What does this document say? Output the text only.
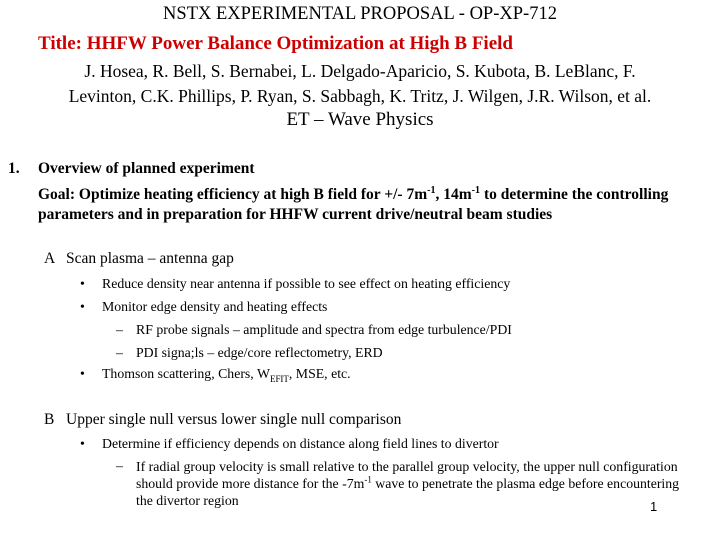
NSTX EXPERIMENTAL PROPOSAL - OP-XP-712
Title: HHFW Power Balance Optimization at High B Field
J. Hosea, R. Bell, S. Bernabei, L. Delgado-Aparicio, S. Kubota, B. LeBlanc, F.
Levinton, C.K. Phillips, P. Ryan, S. Sabbagh, K. Tritz, J. Wilgen, J.R. Wilson, et al.
ET – Wave Physics
1. Overview of planned experiment
Goal: Optimize heating efficiency at high B field for +/- $7m^{-1}$, $14m^{-1}$ to determine the controlling parameters and in preparation for HHFW current drive/neutral beam studies
A Scan plasma – antenna gap
• Reduce density near antenna if possible to see effect on heating efficiency
• Monitor edge density and heating effects
– RF probe signals – amplitude and spectra from edge turbulence/PDI
– PDI signa;ls – edge/core reflectometry, ERD
• Thomson scattering, Chers, $W_{EFIT}$, MSE, etc.
B Upper single null versus lower single null comparison
• Determine if efficiency depends on distance along field lines to divertor
– If radial group velocity is small relative to the parallel group velocity, the upper null configuration should provide more distance for the $-7m^{-1}$ wave to penetrate the plasma edge before encountering the divertor region	1
